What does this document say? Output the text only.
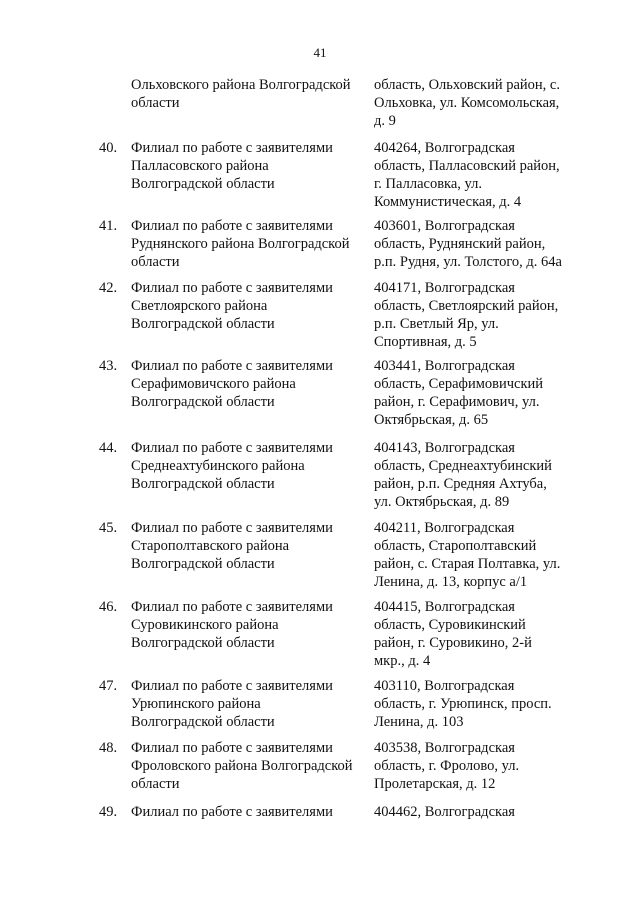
41
Ольховского района Волгоградской
области
область, Ольховский район, с.
Ольховка, ул. Комсомольская,
д. 9
40. Филиал по работе с заявителями
Палласовского района
Волгоградской области
404264, Волгоградская
область, Палласовский район,
г. Палласовка, ул.
Коммунистическая, д. 4
41. Филиал по работе с заявителями
Руднянского района Волгоградской
области
403601, Волгоградская
область, Руднянский район,
р.п. Рудня, ул. Толстого, д. 64а
42. Филиал по работе с заявителями
Светлоярского района
Волгоградской области
404171, Волгоградская
область, Светлоярский район,
р.п. Светлый Яр, ул.
Спортивная, д. 5
43. Филиал по работе с заявителями
Серафимовичского района
Волгоградской области
403441, Волгоградская
область, Серафимовичский
район, г. Серафимович, ул.
Октябрьская, д. 65
44. Филиал по работе с заявителями
Среднеахтубинского района
Волгоградской области
404143, Волгоградская
область, Среднеахтубинский
район, р.п. Средняя Ахтуба,
ул. Октябрьская, д. 89
45. Филиал по работе с заявителями
Старополтавского района
Волгоградской области
404211, Волгоградская
область, Старополтавский
район, с. Старая Полтавка, ул.
Ленина, д. 13, корпус а/1
46. Филиал по работе с заявителями
Суровикинского района
Волгоградской области
404415, Волгоградская
область, Суровикинский
район, г. Суровикино, 2-й
мкр., д. 4
47. Филиал по работе с заявителями
Урюпинского района
Волгоградской области
403110, Волгоградская
область, г. Урюпинск, просп.
Ленина, д. 103
48. Филиал по работе с заявителями
Фроловского района Волгоградской
области
403538, Волгоградская
область, г. Фролово, ул.
Пролетарская, д. 12
49. Филиал по работе с заявителями	404462, Волгоградская
